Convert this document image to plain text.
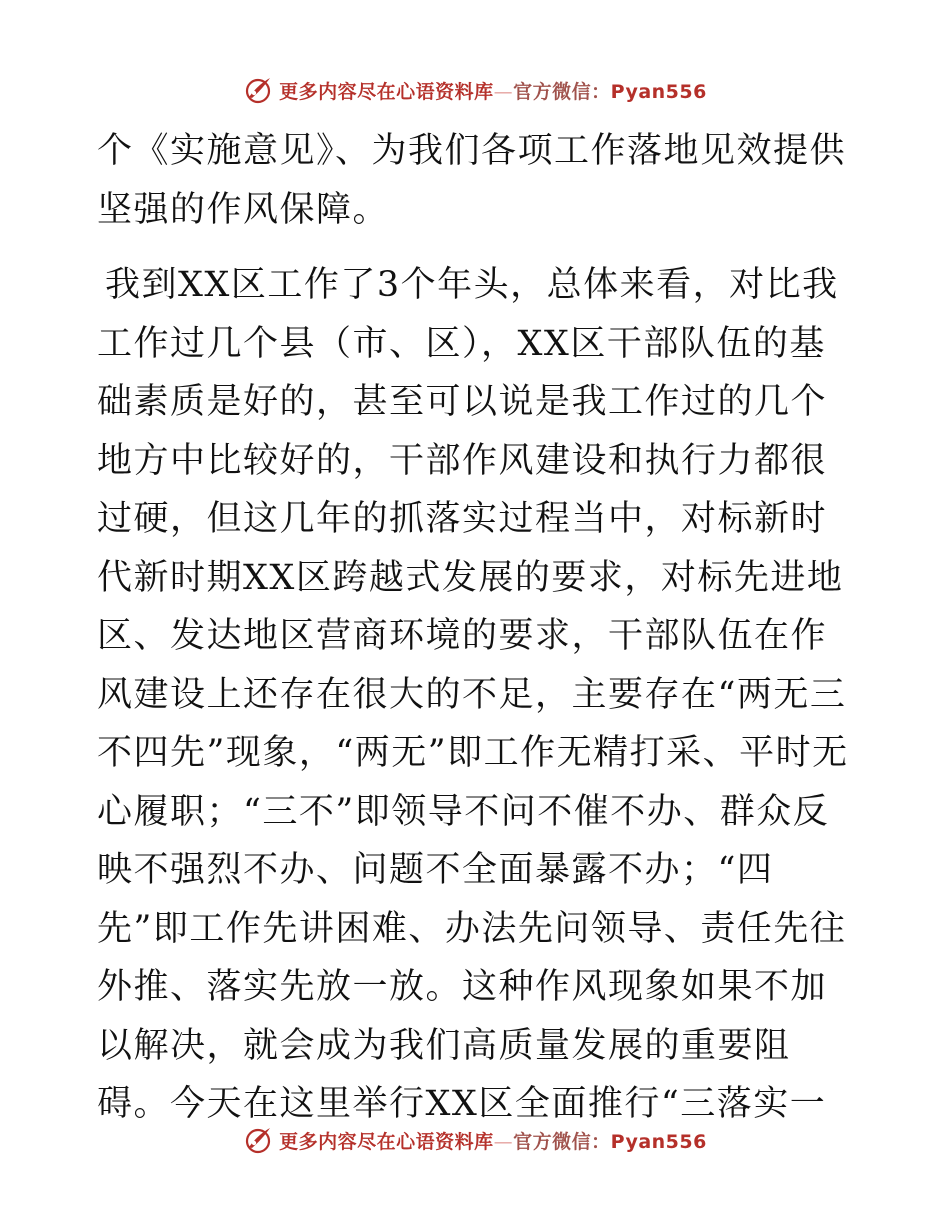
更多内容尽在心语资料库—官方微信：Pyan556

个《实施意见》、为我们各项工作落地见效提供坚强的作风保障。

我到XX区工作了3个年头，总体来看，对比我工作过几个县（市、区），XX区干部队伍的基础素质是好的，甚至可以说是我工作过的几个地方中比较好的，干部作风建设和执行力都很过硬，但这几年的抓落实过程当中，对标新时代新时期XX区跨越式发展的要求，对标先进地区、发达地区营商环境的要求，干部队伍在作风建设上还存在很大的不足，主要存在“两无三不四先”现象，“两无”即工作无精打采、平时无心履职；“三不”即领导不问不催不办、群众反映不强烈不办、问题不全面暴露不办；“四先”即工作先讲困难、办法先问领导、责任先往外推、落实先放一放。这种作风现象如果不加以解决，就会成为我们高质量发展的重要阻碍。今天在这里举行XX区全面推行“三落实一

更多内容尽在心语资料库—官方微信：Pyan556
